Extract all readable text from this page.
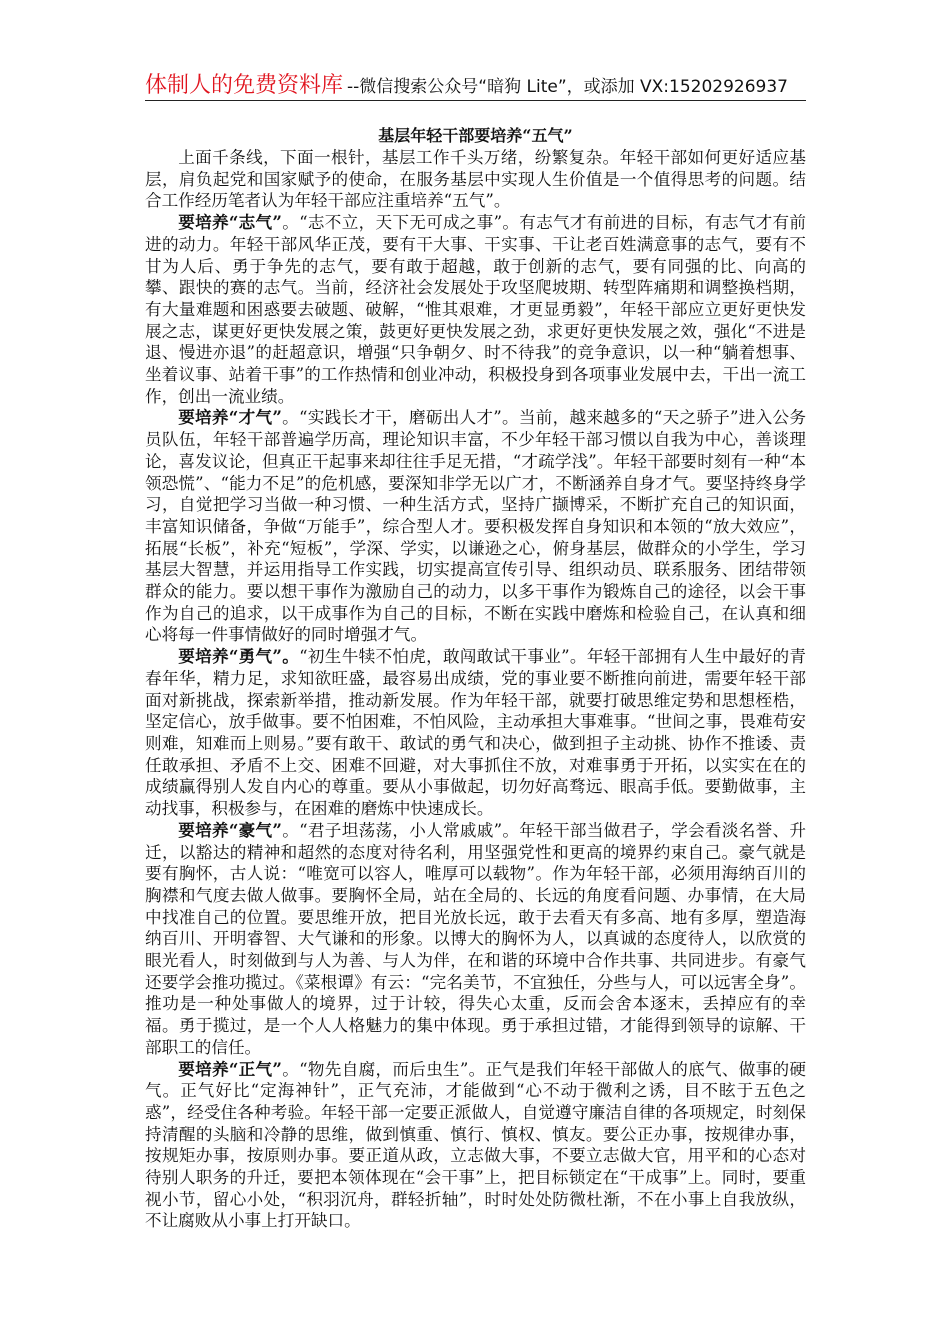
体制人的免费资料库 --微信搜索公众号“暗狗 Lite”，或添加 VX:15202926937

基层年轻干部要培养“五气”

上面千条线，下面一根针，基层工作千头万绪，纷繁复杂。年轻干部如何更好适应基层，肩负起党和国家赋予的使命，在服务基层中实现人生价值是一个值得思考的问题。结合工作经历笔者认为年轻干部应注重培养“五气”。

要培养“志气”。“志不立，天下无可成之事”。有志气才有前进的目标，有志气才有前进的动力。年轻干部风华正茂，要有干大事、干实事、干让老百姓满意事的志气，要有不甘为人后、勇于争先的志气，要有敢于超越，敢于创新的志气，要有同强的比、向高的攀、跟快的赛的志气。当前，经济社会发展处于攻坚爬坡期、转型阵痛期和调整换档期，有大量难题和困惑要去破题、破解，“惟其艰难，才更显勇毅”，年轻干部应立更好更快发展之志，谋更好更快发展之策，鼓更好更快发展之劲，求更好更快发展之效，强化“不进是退、慢进亦退”的赶超意识，增强“只争朝夕、时不待我”的竞争意识，以一种“躺着想事、坐着议事、站着干事”的工作热情和创业冲动，积极投身到各项事业发展中去，干出一流工作，创出一流业绩。

要培养“才气”。“实践长才干，磨砺出人才”。当前，越来越多的“天之骄子”进入公务员队伍，年轻干部普遍学历高，理论知识丰富，不少年轻干部习惯以自我为中心，善谈理论，喜发议论，但真正干起事来却往往手足无措，“才疏学浅”。年轻干部要时刻有一种“本领恐慌”、“能力不足”的危机感，要深知非学无以广才，不断涵养自身才气。要坚持终身学习，自觉把学习当做一种习惯、一种生活方式，坚持广撷博采，不断扩充自己的知识面，丰富知识储备，争做“万能手”，综合型人才。要积极发挥自身知识和本领的“放大效应”，拓展“长板”，补充“短板”，学深、学实，以谦逊之心，俯身基层，做群众的小学生，学习基层大智慧，并运用指导工作实践，切实提高宣传引导、组织动员、联系服务、团结带领群众的能力。要以想干事作为激励自己的动力，以多干事作为锻炼自己的途径，以会干事作为自己的追求，以干成事作为自己的目标，不断在实践中磨炼和检验自己，在认真和细心将每一件事情做好的同时增强才气。

要培养“勇气”。“初生牛犊不怕虎，敢闯敢试干事业”。年轻干部拥有人生中最好的青春年华，精力足，求知欲旺盛，最容易出成绩，党的事业要不断推向前进，需要年轻干部面对新挑战，探索新举措，推动新发展。作为年轻干部，就要打破思维定势和思想桎梏，坚定信心，放手做事。要不怕困难，不怕风险，主动承担大事难事。“世间之事，畏难苟安则难，知难而上则易。”要有敢干、敢试的勇气和决心，做到担子主动挑、协作不推诿、责任敢承担、矛盾不上交、困难不回避，对大事抓住不放，对难事勇于开拓，以实实在在的成绩赢得别人发自内心的尊重。要从小事做起，切勿好高骛远、眼高手低。要勤做事，主动找事，积极参与，在困难的磨炼中快速成长。

要培养“豪气”。“君子坦荡荡，小人常戚戚”。年轻干部当做君子，学会看淡名誉、升迁，以豁达的精神和超然的态度对待名利，用坚强党性和更高的境界约束自己。豪气就是要有胸怀，古人说：“唯宽可以容人，唯厚可以载物”。作为年轻干部，必须用海纳百川的胸襟和气度去做人做事。要胸怀全局，站在全局的、长远的角度看问题、办事情，在大局中找准自己的位置。要思维开放，把目光放长远，敢于去看天有多高、地有多厚，塑造海纳百川、开明睿智、大气谦和的形象。以博大的胸怀为人，以真诚的态度待人，以欣赏的眼光看人，时刻做到与人为善、与人为伴，在和谐的环境中合作共事、共同进步。有豪气还要学会推功揽过。《菜根谭》有云：“完名美节，不宜独任，分些与人，可以远害全身”。推功是一种处事做人的境界，过于计较，得失心太重，反而会舍本逐末，丢掉应有的幸福。勇于揽过，是一个人人格魅力的集中体现。勇于承担过错，才能得到领导的谅解、干部职工的信任。

要培养“正气”。“物先自腐，而后虫生”。正气是我们年轻干部做人的底气、做事的硬气。正气好比“定海神针”，正气充沛，才能做到“心不动于微利之诱，目不眩于五色之惑”，经受住各种考验。年轻干部一定要正派做人，自觉遵守廉洁自律的各项规定，时刻保持清醒的头脑和冷静的思维，做到慎重、慎行、慎权、慎友。要公正办事，按规律办事，按规矩办事，按原则办事。要正道从政，立志做大事，不要立志做大官，用平和的心态对待别人职务的升迁，要把本领体现在“会干事”上，把目标锁定在“干成事”上。同时，要重视小节，留心小处，“积羽沉舟，群轻折轴”，时时处处防微杜渐，不在小事上自我放纵，不让腐败从小事上打开缺口。
